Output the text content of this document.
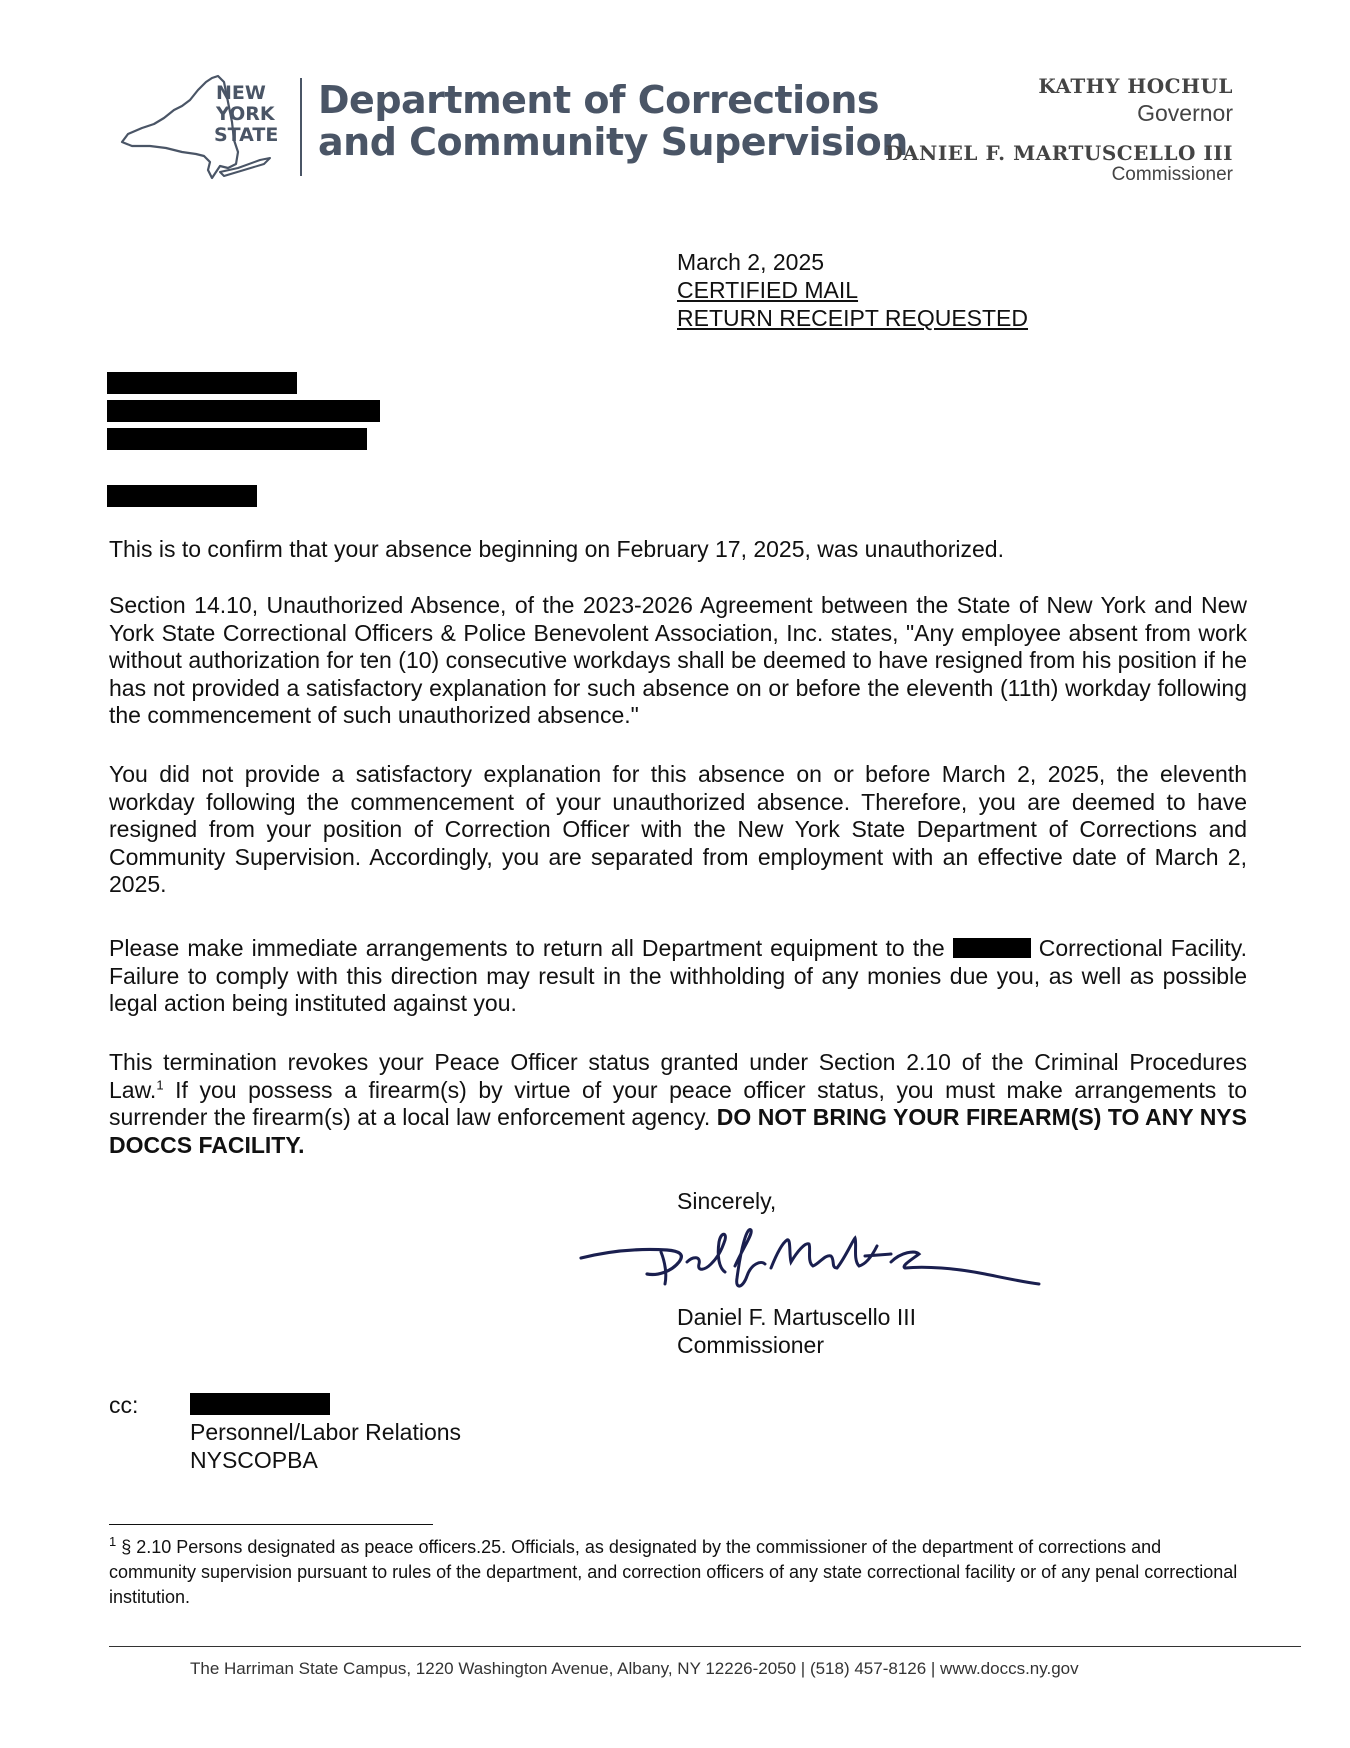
NEW
YORK
STATE
Department of Corrections
and Community Supervision
KATHY HOCHUL
Governor
DANIEL F. MARTUSCELLO III
Commissioner
March 2, 2025
CERTIFIED MAIL
RETURN RECEIPT REQUESTED

This is to confirm that your absence beginning on February 17, 2025, was unauthorized.

Section 14.10, Unauthorized Absence, of the 2023-2026 Agreement between the State of New York and New York State Correctional Officers & Police Benevolent Association, Inc. states, "Any employee absent from work without authorization for ten (10) consecutive workdays shall be deemed to have resigned from his position if he has not provided a satisfactory explanation for such absence on or before the eleventh (11th) workday following the commencement of such unauthorized absence."

You did not provide a satisfactory explanation for this absence on or before March 2, 2025, the eleventh workday following the commencement of your unauthorized absence. Therefore, you are deemed to have resigned from your position of Correction Officer with the New York State Department of Corrections and Community Supervision. Accordingly, you are separated from employment with an effective date of March 2, 2025.

Please make immediate arrangements to return all Department equipment to the	Correctional Facility. Failure to comply with this direction may result in the withholding of any monies due you, as well as possible legal action being instituted against you.

This termination revokes your Peace Officer status granted under Section 2.10 of the Criminal Procedures Law.$^1$ If you possess a firearm(s) by virtue of your peace officer status, you must make arrangements to surrender the firearm(s) at a local law enforcement agency. DO NOT BRING YOUR FIREARM(S) TO ANY NYS DOCCS FACILITY.

Sincerely,
Daniel F. Martuscello III
Commissioner
cc:
Personnel/Labor Relations
NYSCOPBA

$^1$ § 2.10 Persons designated as peace officers.25. Officials, as designated by the commissioner of the department of corrections and community supervision pursuant to rules of the department, and correction officers of any state correctional facility or of any penal correctional institution.

The Harriman State Campus, 1220 Washington Avenue, Albany, NY 12226-2050 | (518) 457-8126 | www.doccs.ny.gov
